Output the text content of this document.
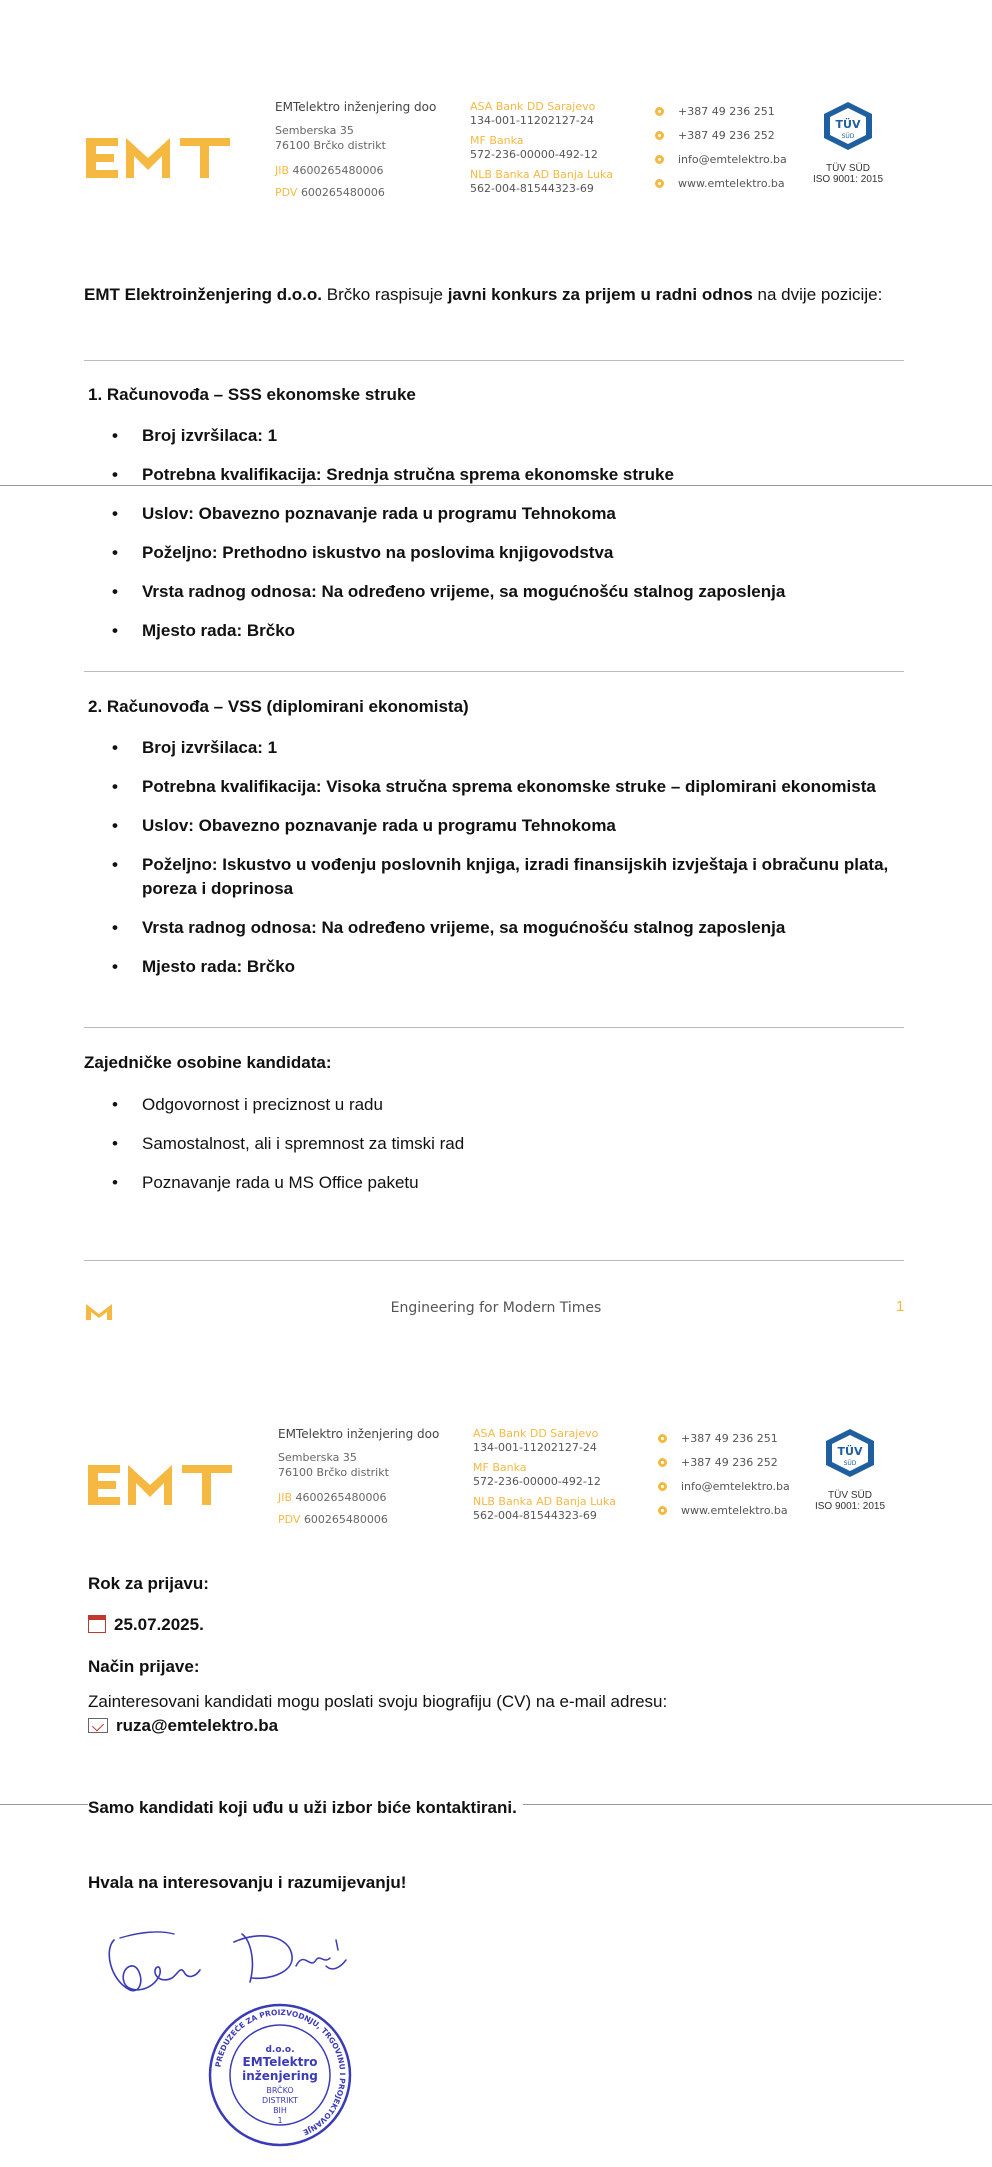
EMTelektro inženjering doo
Semberska 35
76100 Brčko distrikt
JIB 4600265480006
PDV 600265480006
ASA Bank DD Sarajevo
134-001-11202127-24
MF Banka
572-236-00000-492-12
NLB Banka AD Banja Luka
562-004-81544323-69
+387 49 236 251
+387 49 236 252
info@emtelektro.ba
www.emtelektro.ba
TÜV
SÜD
TÜV SÜD
ISO 9001: 2015
EMT Elektroinženjering d.o.o. Brčko raspisuje javni konkurs za prijem u radni odnos na dvije pozicije:
1. Računovođa – SSS ekonomske struke
• Broj izvršilaca: 1
• Potrebna kvalifikacija: Srednja stručna sprema ekonomske struke
• Uslov: Obavezno poznavanje rada u programu Tehnokoma
• Poželjno: Prethodno iskustvo na poslovima knjigovodstva
• Vrsta radnog odnosa: Na određeno vrijeme, sa mogućnošću stalnog zaposlenja
• Mjesto rada: Brčko
2. Računovođa – VSS (diplomirani ekonomista)
• Broj izvršilaca: 1
• Potrebna kvalifikacija: Visoka stručna sprema ekonomske struke – diplomirani ekonomista
• Uslov: Obavezno poznavanje rada u programu Tehnokoma
• Poželjno: Iskustvo u vođenju poslovnih knjiga, izradi finansijskih izvještaja i obračunu plata, poreza i doprinosa
• Vrsta radnog odnosa: Na određeno vrijeme, sa mogućnošću stalnog zaposlenja
• Mjesto rada: Brčko
Zajedničke osobine kandidata:
• Odgovornost i preciznost u radu
• Samostalnost, ali i spremnost za timski rad
• Poznavanje rada u MS Office paketu
Engineering for Modern Times	1
EMTelektro inženjering doo
Semberska 35
76100 Brčko distrikt
JIB 4600265480006
PDV 600265480006
ASA Bank DD Sarajevo
134-001-11202127-24
MF Banka
572-236-00000-492-12
NLB Banka AD Banja Luka
562-004-81544323-69
+387 49 236 251
+387 49 236 252
info@emtelektro.ba
www.emtelektro.ba
TÜV
SÜD
TÜV SÜD
ISO 9001: 2015
Rok za prijavu:
25.07.2025.
Način prijave:
Zainteresovani kandidati mogu poslati svoju biografiju (CV) na e-mail adresu:
ruza@emtelektro.ba
Samo kandidati koji uđu u uži izbor biće kontaktirani.
Hvala na interesovanju i razumijevanju!
PREDUZEĆE ZA PROIZVODNJU, TRGOVINU I PROJEKTOVANJE
d.o.o.
EMTelektro
inženjering
BRČKO
DISTRIKT
BIH
1
